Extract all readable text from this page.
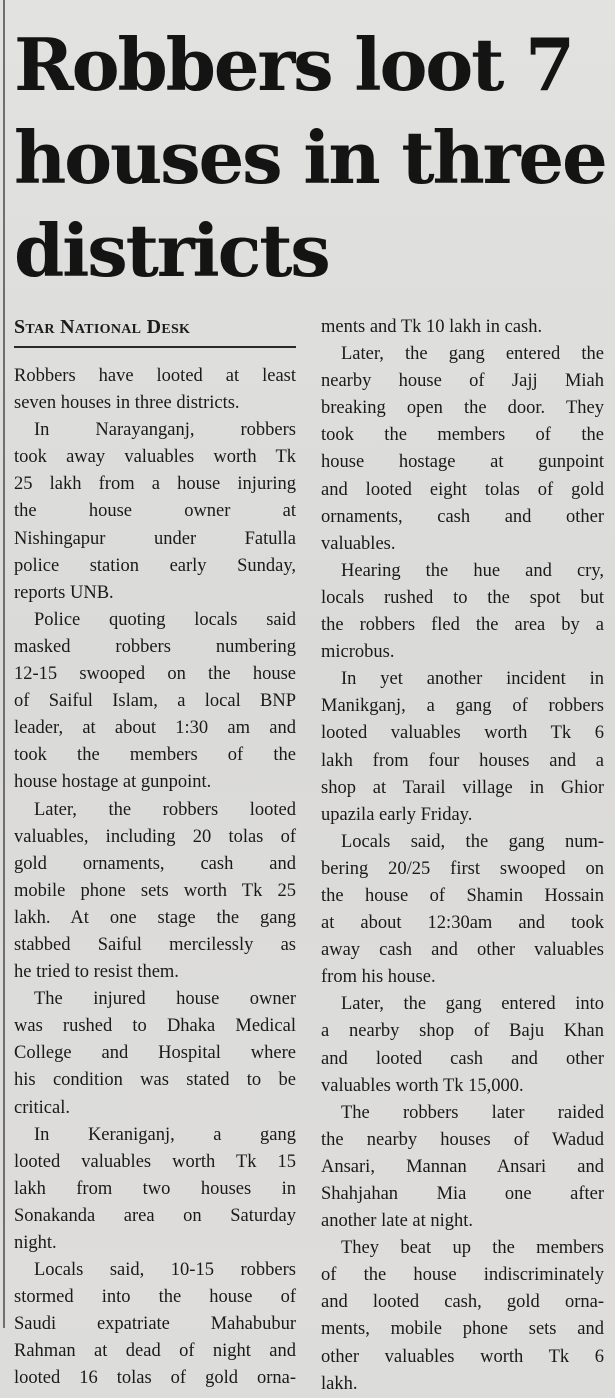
Robbers loot 7
houses in three
districts
Star National Desk
Robbers have looted at least
seven houses in three districts.
In Narayanganj, robbers
took away valuables worth Tk
25 lakh from a house injuring
the house owner at
Nishingapur under Fatulla
police station early Sunday,
reports UNB.
Police quoting locals said
masked robbers numbering
12-15 swooped on the house
of Saiful Islam, a local BNP
leader, at about 1:30 am and
took the members of the
house hostage at gunpoint.
Later, the robbers looted
valuables, including 20 tolas of
gold ornaments, cash and
mobile phone sets worth Tk 25
lakh. At one stage the gang
stabbed Saiful mercilessly as
he tried to resist them.
The injured house owner
was rushed to Dhaka Medical
College and Hospital where
his condition was stated to be
critical.
In Keraniganj, a gang
looted valuables worth Tk 15
lakh from two houses in
Sonakanda area on Saturday
night.
Locals said, 10-15 robbers
stormed into the house of
Saudi expatriate Mahabubur
Rahman at dead of night and
looted 16 tolas of gold orna-
ments and Tk 10 lakh in cash.
Later, the gang entered the
nearby house of Jajj Miah
breaking open the door. They
took the members of the
house hostage at gunpoint
and looted eight tolas of gold
ornaments, cash and other
valuables.
Hearing the hue and cry,
locals rushed to the spot but
the robbers fled the area by a
microbus.
In yet another incident in
Manikganj, a gang of robbers
looted valuables worth Tk 6
lakh from four houses and a
shop at Tarail village in Ghior
upazila early Friday.
Locals said, the gang num-
bering 20/25 first swooped on
the house of Shamin Hossain
at about 12:30am and took
away cash and other valuables
from his house.
Later, the gang entered into
a nearby shop of Baju Khan
and looted cash and other
valuables worth Tk 15,000.
The robbers later raided
the nearby houses of Wadud
Ansari, Mannan Ansari and
Shahjahan Mia one after
another late at night.
They beat up the members
of the house indiscriminately
and looted cash, gold orna-
ments, mobile phone sets and
other valuables worth Tk 6
lakh.
